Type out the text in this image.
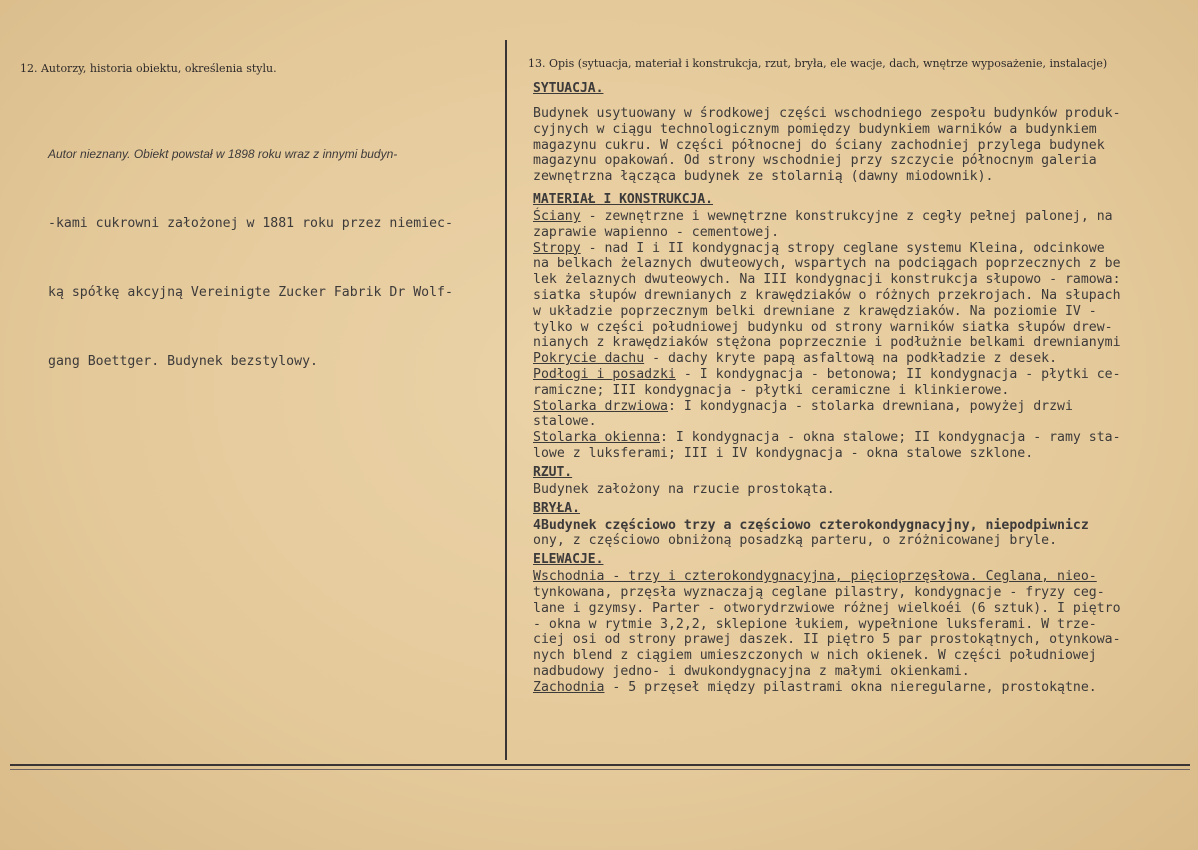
12. Autorzy, historia obiektu, określenia stylu.	13. Opis (sytuacja, materiał i konstrukcja, rzut, bryła, ele wacje, dach, wnętrze wyposażenie, instalacje)

Autor nieznany. Obiekt powstał w 1898 roku wraz z innymi budyn-

-kami cukrowni założonej w 1881 roku przez niemiec-

ką spółkę akcyjną Vereinigte Zucker Fabrik Dr Wolf-

gang Boettger. Budynek bezstylowy.

SYTUACJA.
Budynek usytuowany w środkowej części wschodniego zespołu budynków produk-
cyjnych w ciągu technologicznym pomiędzy budynkiem warników a budynkiem
magazynu cukru. W części północnej do ściany zachodniej przylega budynek
magazynu opakowań. Od strony wschodniej przy szczycie północnym galeria
zewnętrzna łącząca budynek ze stolarnią (dawny miodownik).
MATERIAŁ I KONSTRUKCJA.
Ściany - zewnętrzne i wewnętrzne konstrukcyjne z cegły pełnej palonej, na
zaprawie wapienno - cementowej.
Stropy - nad I i II kondygnacją stropy ceglane systemu Kleina, odcinkowe
na belkach żelaznych dwuteowych, wspartych na podciągach poprzecznych z be
lek żelaznych dwuteowych. Na III kondygnacji konstrukcja słupowo - ramowa:
siatka słupów drewnianych z krawędziaków o różnych przekrojach. Na słupach
w układzie poprzecznym belki drewniane z krawędziaków. Na poziomie IV -
tylko w części południowej budynku od strony warników siatka słupów drew-
nianych z krawędziaków stężona poprzecznie i podłużnie belkami drewnianymi
Pokrycie dachu - dachy kryte papą asfaltową na podkładzie z desek.
Podłogi i posadzki - I kondygnacja - betonowa; II kondygnacja - płytki ce-
ramiczne; III kondygnacja - płytki ceramiczne i klinkierowe.
Stolarka drzwiowa: I kondygnacja - stolarka drewniana, powyżej drzwi
stalowe.
Stolarka okienna: I kondygnacja - okna stalowe; II kondygnacja - ramy sta-
lowe z luksferami; III i IV kondygnacja - okna stalowe szklone.
RZUT.
Budynek założony na rzucie prostokąta.
BRYŁA.
4Budynek częściowo trzy a częściowo czterokondygnacyjny, niepodpiwnicz
ony, z częściowo obniżoną posadzką parteru, o zróżnicowanej bryle.
ELEWACJE.
Wschodnia - trzy i czterokondygnacyjna, pięcioprzęsłowa. Ceglana, nieo-
tynkowana, przęsła wyznaczają ceglane pilastry, kondygnacje - fryzy ceg-
lane i gzymsy. Parter - otworydrzwiowe różnej wielkoéi (6 sztuk). I piętro
- okna w rytmie 3,2,2, sklepione łukiem, wypełnione luksferami. W trze-
ciej osi od strony prawej daszek. II piętro 5 par prostokątnych, otynkowa-
nych blend z ciągiem umieszczonych w nich okienek. W części południowej
nadbudowy jedno- i dwukondygnacyjna z małymi okienkami.
Zachodnia - 5 przęseł między pilastrami okna nieregularne, prostokątne.
